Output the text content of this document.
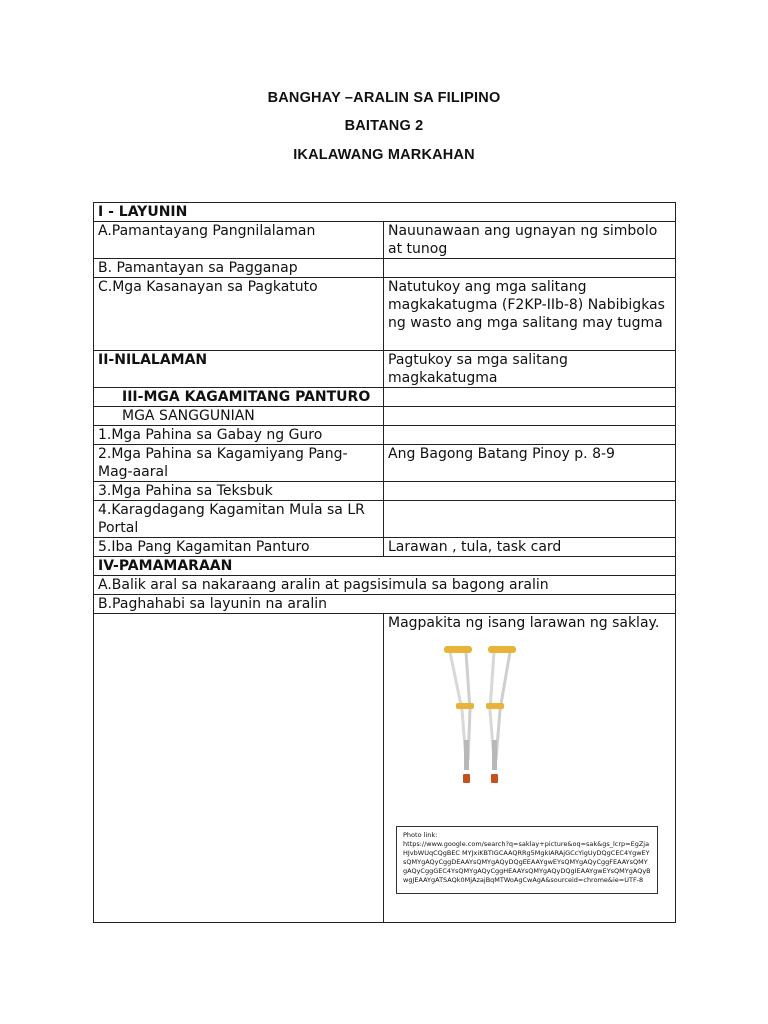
BANGHAY –ARALIN SA FILIPINO
BAITANG 2
IKALAWANG MARKAHAN
I - LAYUNIN	
A.Pamantayang Pangnilalaman	Nauunawaan ang ugnayan ng simbolo at tunog
B. Pamantayan sa Pagganap	
C.Mga Kasanayan sa Pagkatuto	Natutukoy ang mga salitang magkakatugma (F2KP-IIb-8) Nabibigkas ng wasto ang mga salitang may tugma
II-NILALAMAN	Pagtukoy sa mga salitang magkakatugma
III-MGA KAGAMITANG PANTURO	
MGA SANGGUNIAN	
1.Mga Pahina sa Gabay ng Guro	
2.Mga Pahina sa Kagamiyang Pang-Mag-aaral	Ang Bagong Batang Pinoy p. 8-9
3.Mga Pahina sa Teksbuk	
4.Karagdagang Kagamitan Mula sa LR Portal	
5.Iba Pang Kagamitan Panturo	Larawan , tula, task card
IV-PAMAMARAAN	
A.Balik aral sa nakaraang aralin at pagsisimula sa bagong aralin	
B.Paghahabi sa layunin na aralin	

	Magpakita ng isang larawan ng saklay.
Photo link:
https://www.google.com/search?q=saklay+picture&oq=sak&gs_lcrp=EgZjaHJvbWUqCQgBEC MYJxiKBTIGCAAQRRg5MgkIARAjGCcYigUyDQgCEC4YgwEYsQMYgAQyCggDEAAYsQMYgAQyDQgEEAAYgwEYsQMYgAQyCggFEAAYsQMYgAQyCggGEC4YsQMYgAQyCggHEAAYsQMYgAQyDQgIEAAYgwEYsQMYgAQyBwgJEAAYgATSAQk0MjAzajBqMTWoAgCwAgA&sourceid=chrome&ie=UTF-8
